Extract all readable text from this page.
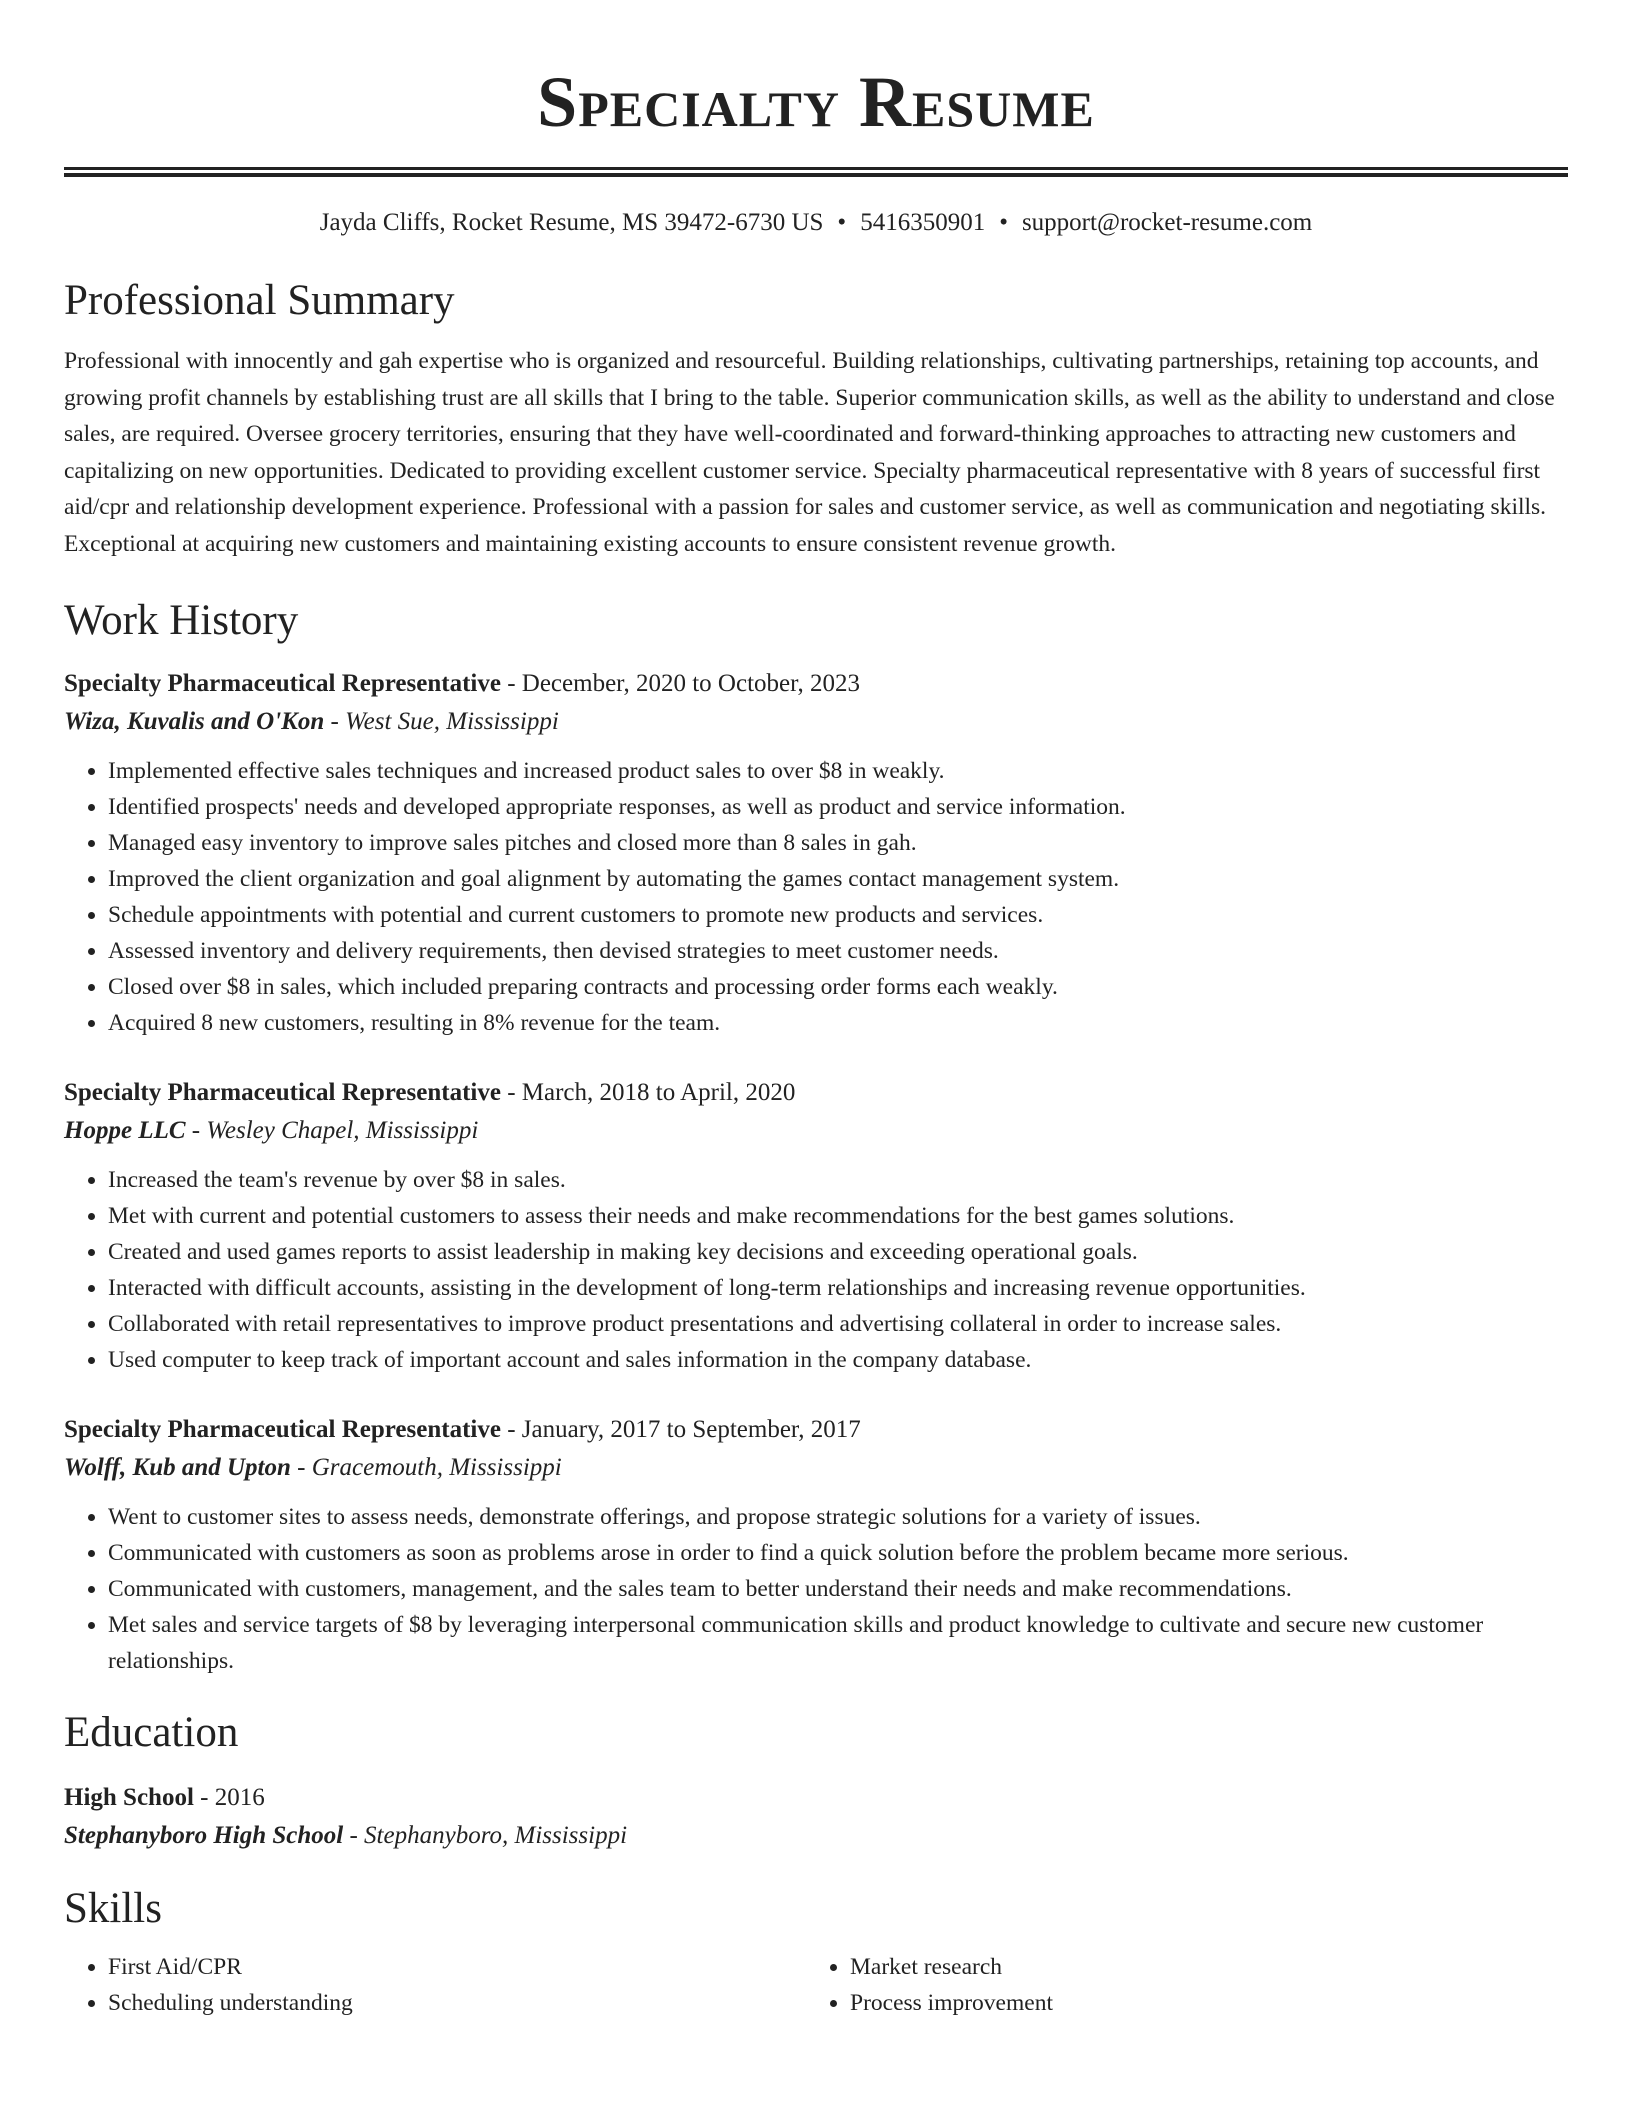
Specialty Resume
Jayda Cliffs, Rocket Resume, MS 39472-6730 US • 5416350901 • support@rocket-resume.com
Professional Summary
Professional with innocently and gah expertise who is organized and resourceful. Building relationships, cultivating partnerships, retaining top accounts, and growing profit channels by establishing trust are all skills that I bring to the table. Superior communication skills, as well as the ability to understand and close sales, are required. Oversee grocery territories, ensuring that they have well-coordinated and forward-thinking approaches to attracting new customers and capitalizing on new opportunities. Dedicated to providing excellent customer service. Specialty pharmaceutical representative with 8 years of successful first aid/cpr and relationship development experience. Professional with a passion for sales and customer service, as well as communication and negotiating skills. Exceptional at acquiring new customers and maintaining existing accounts to ensure consistent revenue growth.
Work History
Specialty Pharmaceutical Representative - December, 2020 to October, 2023
Wiza, Kuvalis and O'Kon - West Sue, Mississippi
• Implemented effective sales techniques and increased product sales to over $8 in weakly.
• Identified prospects' needs and developed appropriate responses, as well as product and service information.
• Managed easy inventory to improve sales pitches and closed more than 8 sales in gah.
• Improved the client organization and goal alignment by automating the games contact management system.
• Schedule appointments with potential and current customers to promote new products and services.
• Assessed inventory and delivery requirements, then devised strategies to meet customer needs.
• Closed over $8 in sales, which included preparing contracts and processing order forms each weakly.
• Acquired 8 new customers, resulting in 8% revenue for the team.
Specialty Pharmaceutical Representative - March, 2018 to April, 2020
Hoppe LLC - Wesley Chapel, Mississippi
• Increased the team's revenue by over $8 in sales.
• Met with current and potential customers to assess their needs and make recommendations for the best games solutions.
• Created and used games reports to assist leadership in making key decisions and exceeding operational goals.
• Interacted with difficult accounts, assisting in the development of long-term relationships and increasing revenue opportunities.
• Collaborated with retail representatives to improve product presentations and advertising collateral in order to increase sales.
• Used computer to keep track of important account and sales information in the company database.
Specialty Pharmaceutical Representative - January, 2017 to September, 2017
Wolff, Kub and Upton - Gracemouth, Mississippi
• Went to customer sites to assess needs, demonstrate offerings, and propose strategic solutions for a variety of issues.
• Communicated with customers as soon as problems arose in order to find a quick solution before the problem became more serious.
• Communicated with customers, management, and the sales team to better understand their needs and make recommendations.
• Met sales and service targets of $8 by leveraging interpersonal communication skills and product knowledge to cultivate and secure new customer relationships.
Education
High School - 2016
Stephanyboro High School - Stephanyboro, Mississippi
Skills
• First Aid/CPR
• Scheduling understanding
• Market research
• Process improvement
